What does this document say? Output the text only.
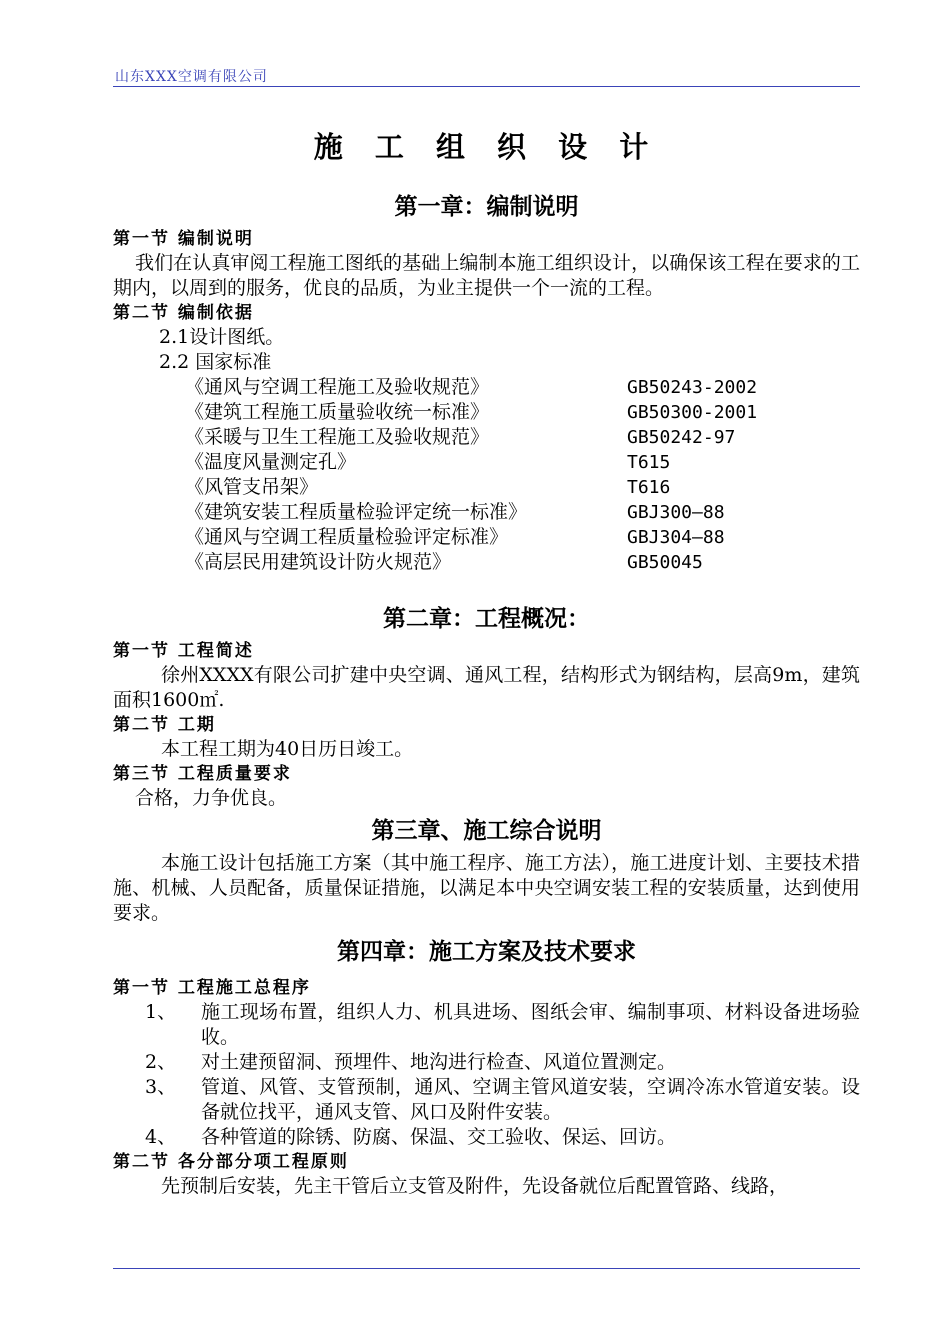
山东XXX空调有限公司
施 工 组 织 设 计
第一章：编制说明
第一节 编制说明
我们在认真审阅工程施工图纸的基础上编制本施工组织设计，以确保该工程在要求的工期内，以周到的服务，优良的品质，为业主提供一个一流的工程。
第二节 编制依据
2.1设计图纸。
2.2 国家标准
《通风与空调工程施工及验收规范》	GB50243-2002
《建筑工程施工质量验收统一标准》	GB50300-2001
《采暖与卫生工程施工及验收规范》	GB50242-97
《温度风量测定孔》	T615
《风管支吊架》	T616
《建筑安装工程质量检验评定统一标准》	GBJ300—88
《通风与空调工程质量检验评定标准》	GBJ304—88
《高层民用建筑设计防火规范》	GB50045
第二章：工程概况：
第一节 工程简述
徐州XXXX有限公司扩建中央空调、通风工程，结构形式为钢结构，层高9m，建筑面积1600㎡.
第二节 工期
本工程工期为40日历日竣工。
第三节 工程质量要求
合格，力争优良。
第三章、施工综合说明
本施工设计包括施工方案（其中施工程序、施工方法），施工进度计划、主要技术措施、机械、人员配备，质量保证措施，以满足本中央空调安装工程的安装质量，达到使用要求。
第四章：施工方案及技术要求
第一节 工程施工总程序
1、	施工现场布置，组织人力、机具进场、图纸会审、编制事项、材料设备进场验收。
2、	对土建预留洞、预埋件、地沟进行检查、风道位置测定。
3、	管道、风管、支管预制，通风、空调主管风道安装，空调冷冻水管道安装。设备就位找平，通风支管、风口及附件安装。
4、	各种管道的除锈、防腐、保温、交工验收、保运、回访。
第二节 各分部分项工程原则
先预制后安装，先主干管后立支管及附件，先设备就位后配置管路、线路，
